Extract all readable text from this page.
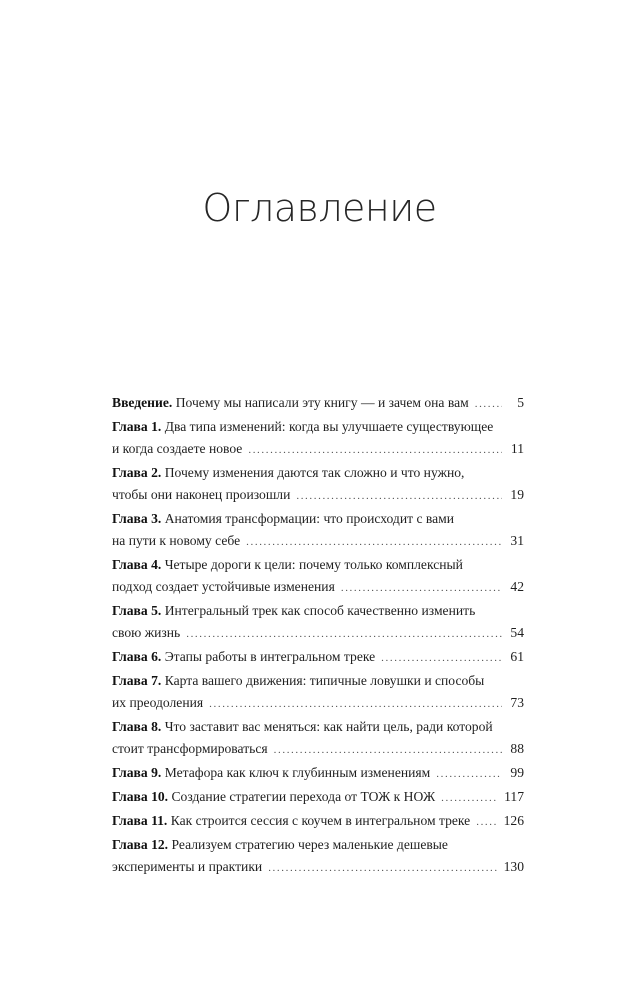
Оглавление
Введение. Почему мы написали эту книгу — и зачем она вам .....	5
Глава 1. Два типа изменений: когда вы улучшаете существующее
и когда создаете новое .....	11
Глава 2. Почему изменения даются так сложно и что нужно,
чтобы они наконец произошли .....	19
Глава 3. Анатомия трансформации: что происходит с вами
на пути к новому себе .....	31
Глава 4. Четыре дороги к цели: почему только комплексный
подход создает устойчивые изменения .....	42
Глава 5. Интегральный трек как способ качественно изменить
свою жизнь .....	54
Глава 6. Этапы работы в интегральном треке .....	61
Глава 7. Карта вашего движения: типичные ловушки и способы
их преодоления .....	73
Глава 8. Что заставит вас меняться: как найти цель, ради которой
стоит трансформироваться .....	88
Глава 9. Метафора как ключ к глубинным изменениям .....	99
Глава 10. Создание стратегии перехода от ТОЖ к НОЖ .....	117
Глава 11. Как строится сессия с коучем в интегральном треке ..... 126
Глава 12. Реализуем стратегию через маленькие дешевые
эксперименты и практики .....	130
